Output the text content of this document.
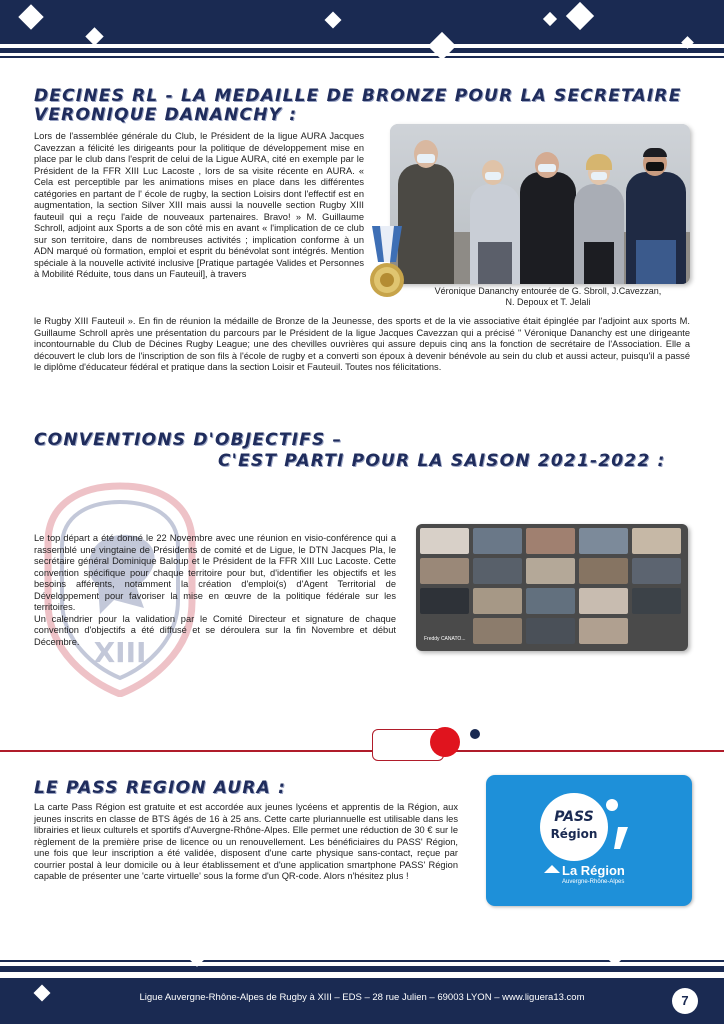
DECINES RL - LA MEDAILLE DE BRONZE POUR LA SECRETAIRE
VERONIQUE DANANCHY :
Lors de l'assemblée générale du Club, le Président de la ligue AURA Jacques Cavezzan a félicité les dirigeants pour la politique de développement mise en place par le club dans l'esprit de celui de la Ligue AURA, cité en exemple par le Président de la FFR XIII Luc Lacoste , lors de sa visite récente en AURA. « Cela est perceptible par les animations mises en place dans les différentes catégories en partant de l' école de rugby, la section Loisirs dont l'effectif est en augmentation, la section Silver XIII mais aussi la nouvelle section Rugby XIII fauteuil qui a reçu l'aide de nouveaux partenaires. Bravo! » M. Guillaume Schroll, adjoint aux Sports a de son côté mis en avant « l'implication de ce club sur son territoire, dans de nombreuses activités ; implication conforme à un ADN marqué où formation, emploi et esprit du bénévolat sont intégrés. Mention spéciale à la nouvelle activité inclusive [Pratique partagée Valides et Personnes à Mobilité Réduite, tous dans un Fauteuil], à travers
le Rugby XIII Fauteuil ». En fin de réunion la médaille de Bronze de la Jeunesse, des sports et de la vie associative était épinglée par l'adjoint aux sports M. Guillaume Schroll après une présentation du parcours par le Président de la ligue Jacques Cavezzan qui a précisé " Véronique Dananchy est une dirigeante incontournable du Club de Décines Rugby League; une des chevilles ouvrières qui assure depuis cinq ans la fonction de secrétaire de l'Association. Elle a découvert le club lors de l'inscription de son fils à l'école de rugby et a converti son époux à devenir bénévole au sein du club et aussi acteur, puisqu'il a passé le diplôme d'éducateur fédéral et pratique dans la section Loisir et Fauteuil. Toutes nos félicitations.
Véronique Dananchy entourée de G. Sbroll, J.Cavezzan,
N. Depoux et T. Jelali
CONVENTIONS D'OBJECTIFS –
C'EST PARTI POUR LA SAISON 2021-2022 :
XIII
Le top départ a été donné le 22 Novembre avec une réunion en visio-conférence qui a rassemblé une vingtaine de Présidents de comité et de Ligue, le DTN Jacques Pla, le secrétaire général Dominique Baloup et le Président de la FFR XIII Luc Lacoste. Cette convention spécifique pour chaque territoire pour but, d'identifier les objectifs et les besoins afférents, notamment la création d'emploi(s) d'Agent Territorial de Développement pour favoriser la mise en œuvre de la politique fédérale sur les territoires.
Un calendrier pour la validation par le Comité Directeur et signature de chaque convention d'objectifs a été diffusé et se déroulera sur la fin Novembre et début Décembre.	Freddy CANATO...
LE PASS REGION AURA :
La carte Pass Région est gratuite et est accordée aux jeunes lycéens et apprentis de la Région, aux jeunes inscrits en classe de BTS âgés de 16 à 25 ans. Cette carte pluriannuelle est utilisable dans les librairies et lieux culturels et sportifs d'Auvergne-Rhône-Alpes. Elle permet une réduction de 30 € sur le règlement de la première prise de licence ou un renouvellement. Les bénéficiaires du PASS' Région, une fois que leur inscription a été validée, disposent d'une carte physique sans-contact, reçue par courrier postal à leur domicile ou à leur établissement et d'une application smartphone PASS' Région capable de présenter une 'carte virtuelle' sous la forme d'un QR-code. Alors n'hésitez plus !
PASS
Région
La Région
Auvergne-Rhône-Alpes
Ligue Auvergne-Rhône-Alpes de Rugby à XIII – EDS – 28 rue Julien – 69003 LYON – www.liguera13.com	7
